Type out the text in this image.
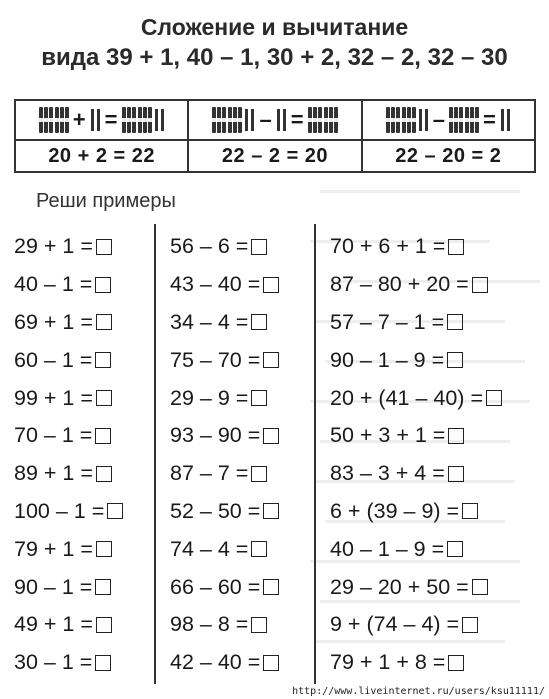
Сложение и вычитание
вида 39 + 1, 40 – 1, 30 + 2, 32 – 2, 32 – 30
+ =
20 + 2 = 22
– =
22 – 2 = 20
– =
22 – 20 = 2
Реши примеры
29 + 1 =
40 – 1 =
69 + 1 =
60 – 1 =
99 + 1 =
70 – 1 =
89 + 1 =
100 – 1 =
79 + 1 =
90 – 1 =
49 + 1 =
30 – 1 =
56 – 6 =
43 – 40 =
34 – 4 =
75 – 70 =
29 – 9 =
93 – 90 =
87 – 7 =
52 – 50 =
74 – 4 =
66 – 60 =
98 – 8 =
42 – 40 =
70 + 6 + 1 =
87 – 80 + 20 =
57 – 7 – 1 =
90 – 1 – 9 =
20 + (41 – 40) =
50 + 3 + 1 =
83 – 3 + 4 =
6 + (39 – 9) =
40 – 1 – 9 =
29 – 20 + 50 =
9 + (74 – 4) =
79 + 1 + 8 =
http://www.liveinternet.ru/users/ksu11111/
